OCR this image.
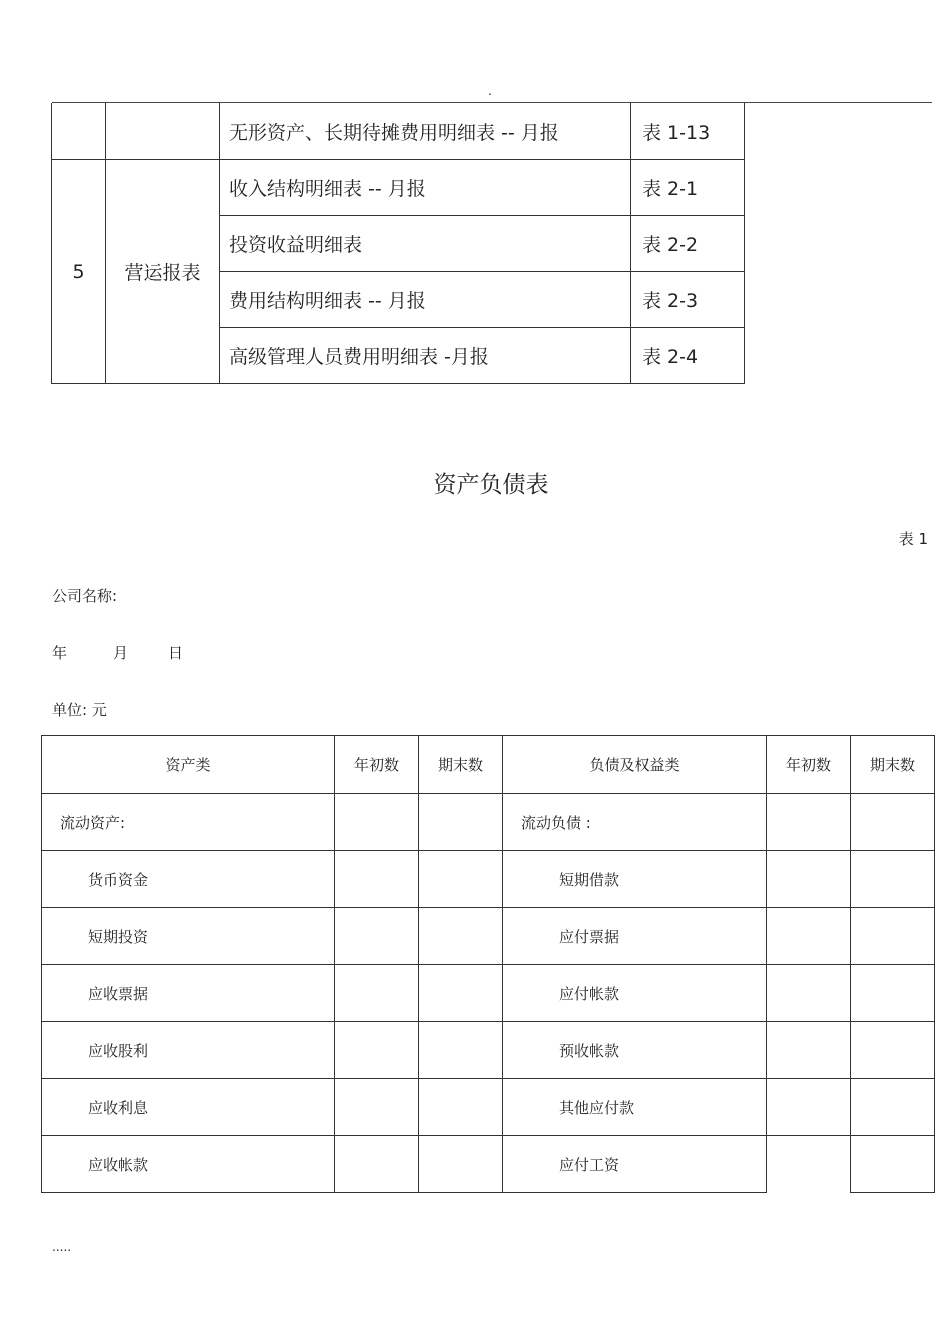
.
		无形资产、长期待摊费用明细表 -- 月报	表 1-13
5	营运报表	收入结构明细表 -- 月报	表 2-1
		投资收益明细表	表 2-2
		费用结构明细表 -- 月报	表 2-3
		高级管理人员费用明细表 -月报	表 2-4
资产负债表
表 1
公司名称:
年	月	日
单位: 元
资产类	年初数	期末数	负债及权益类	年初数	期末数
流动资产:			流动负债 :		
货币资金			短期借款		
短期投资			应付票据		
应收票据			应付帐款		
应收股利			预收帐款		
应收利息			其他应付款		
应收帐款			应付工资		
.....
